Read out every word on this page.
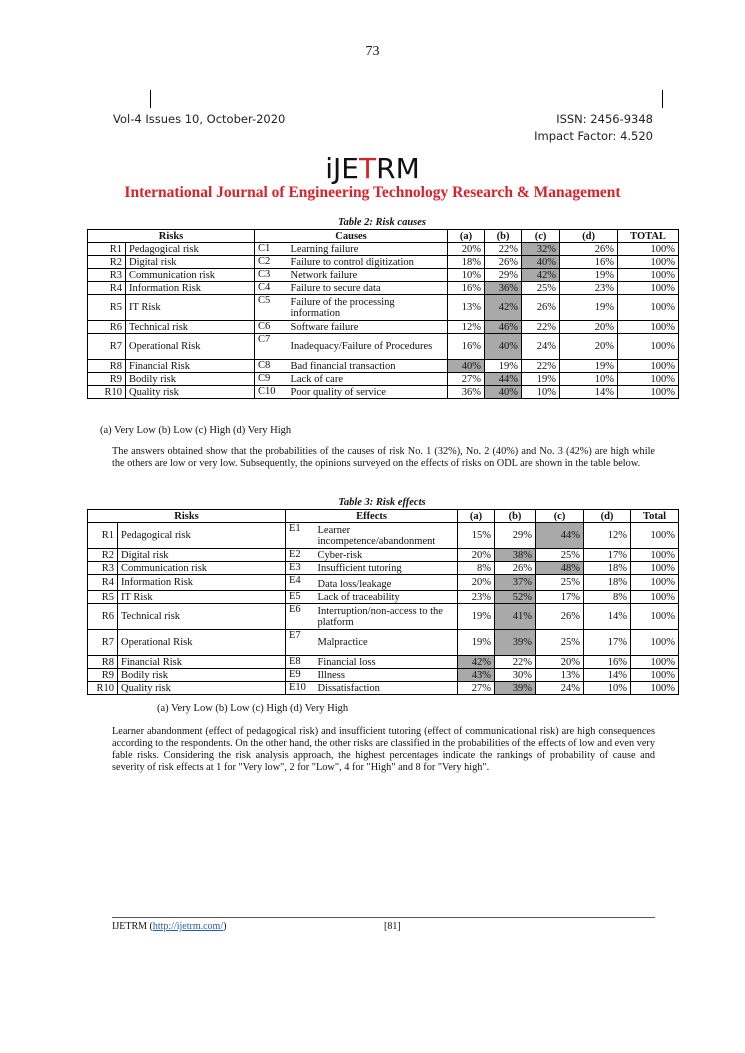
73
Vol-4 Issues 10, October-2020	ISSN: 2456-9348
Impact Factor: 4.520
iJETRM
International Journal of Engineering Technology Research & Management
Table 2: Risk causes
Risks		Causes		(a)	(b)	(c)	(d)	TOTAL
R1	Pedagogical risk	C1	Learning failure	20%	22%	32%	26%	100%
R2	Digital risk	C2	Failure to control digitization	18%	26%	40%	16%	100%
R3	Communication risk	C3	Network failure	10%	29%	42%	19%	100%
R4	Information Risk	C4	Failure to secure data	16%	36%	25%	23%	100%
R5	IT Risk	C5	Failure of the processing information	13%	42%	26%	19%	100%
R6	Technical risk	C6	Software failure	12%	46%	22%	20%	100%
R7	Operational Risk	C7	Inadequacy/Failure of Procedures	16%	40%	24%	20%	100%
R8	Financial Risk	C8	Bad financial transaction	40%	19%	22%	19%	100%
R9	Bodily risk	C9	Lack of care	27%	44%	19%	10%	100%
R10	Quality risk	C10	Poor quality of service	36%	40%	10%	14%	100%
(a) Very Low (b) Low (c) High (d) Very High
The answers obtained show that the probabilities of the causes of risk No. 1 (32%), No. 2 (40%) and No. 3 (42%) are high while the others are low or very low. Subsequently, the opinions surveyed on the effects of risks on ODL are shown in the table below.
Table 3: Risk effects
Risks		Effects		(a)	(b)	(c)	(d)	Total
R1	Pedagogical risk	E1	Learner incompetence/abandonment	15%	29%	44%	12%	100%
R2	Digital risk	E2	Cyber-risk	20%	38%	25%	17%	100%
R3	Communication risk	E3	Insufficient tutoring	8%	26%	48%	18%	100%
R4	Information Risk	E4	Data loss/leakage	20%	37%	25%	18%	100%
R5	IT Risk	E5	Lack of traceability	23%	52%	17%	8%	100%
R6	Technical risk	E6	Interruption/non-access to the platform	19%	41%	26%	14%	100%
R7	Operational Risk	E7	Malpractice	19%	39%	25%	17%	100%
R8	Financial Risk	E8	Financial loss	42%	22%	20%	16%	100%
R9	Bodily risk	E9	Illness	43%	30%	13%	14%	100%
R10	Quality risk	E10	Dissatisfaction	27%	39%	24%	10%	100%
(a) Very Low (b) Low (c) High (d) Very High
Learner abandonment (effect of pedagogical risk) and insufficient tutoring (effect of communicational risk) are high consequences according to the respondents. On the other hand, the other risks are classified in the probabilities of the effects of low and even very fable risks. Considering the risk analysis approach, the highest percentages indicate the rankings of probability of cause and severity of risk effects at 1 for "Very low", 2 for "Low", 4 for "High" and 8 for "Very high".
IJETRM (http://ijetrm.com/)	[81]
